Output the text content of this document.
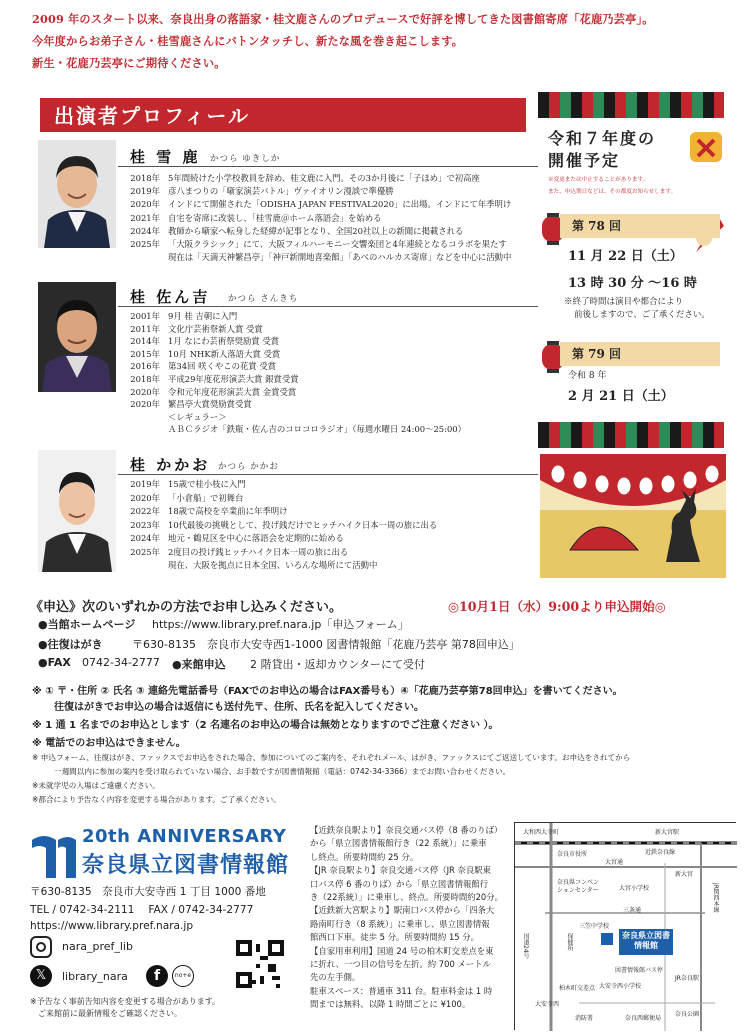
2009 年のスタート以来、奈良出身の落語家・桂文鹿さんのプロデュースで好評を博してきた図書館寄席「花鹿乃芸亭」。
今年度からお弟子さん・桂雪鹿さんにバトンタッチし、新たな風を巻き起こします。
新生・花鹿乃芸亭にご期待ください。
出演者プロフィール
桂 雪 鹿 かつら ゆきしか
2018年 5年間続けた小学校教員を辞め、桂文鹿に入門。その3か月後に「子ほめ」で初高座
2019年 彦八まつりの「噺家演芸バトル」ヴァイオリン漫談で準優勝
2020年 インドにて開催された「ODISHA JAPAN FESTIVAL2020」に出場。インドにて年季明け
2021年 自宅を寄席に改装し、「桂雪鹿＠ホーム落語会」を始める
2024年 教師から噺家へ転身した経緯が記事となり、全国20社以上の新聞に掲載される
2025年 「大阪クラシック」にて、大阪フィルハーモニー交響楽団と4年連続となるコラボを果たす
現在は「天満天神繁昌亭」「神戸新開地喜楽館」「あべのハルカス寄席」などを中心に活動中
桂 佐ん吉 かつら さんきち
2001年 9月 桂 吉朝に入門
2011年 文化庁芸術祭新人賞 受賞
2014年 1月 なにわ芸術祭奨励賞 受賞
2015年 10月 NHK新人落語大賞 受賞
2016年 第34回 咲くやこの花賞 受賞
2018年 平成29年度花形演芸大賞 銀賞受賞
2020年 令和元年度花形演芸大賞 金賞受賞
2020年 繁昌亭大賞奨励賞受賞
＜レギュラー＞
ＡＢＣラジオ「鉄瓶・佐ん吉のコロコロラジオ」（毎週水曜日 24:00～25:00）
桂 かかお かつら かかお
2019年 15歳で桂小枝に入門
2020年 「小倉船」で初舞台
2022年 18歳で高校を卒業前に年季明け
2023年 10代最後の挑戦として、投げ銭だけでヒッチハイク日本一周の旅に出る
2024年 地元・鶴見区を中心に落語会を定期的に始める
2025年 2度目の投げ銭ヒッチハイク日本一周の旅に出る
現在、大阪を拠点に日本全国、いろんな場所にて活動中
令和７年度の
開催予定
※変更または中止することがあります。
また、申込期日などは、その都度お知らせします。
第 78 回
11 月 22 日（土）
13 時 30 分 ～16 時
※終了時間は演目や都合により
前後しますので、ご了承ください。
第 79 回
令和 8 年
2 月 21 日（土）
《申込》次のいずれかの方法でお申し込みください。	◎10月1日（水）9:00より申込開始◎
●当館ホームページ https://www.library.pref.nara.jp「申込フォーム」
●往復はがき	〒630-8135　奈良市大安寺西1-1000 図書情報館「花鹿乃芸亭 第78回申込」
●FAX 0742-34-2777 ●来館申込 2 階貸出・返却カウンターにて受付
※ ① 〒・住所 ② 氏名 ③ 連絡先電話番号（FAXでのお申込の場合はFAX番号も）④「花鹿乃芸亭第78回申込」を書いてください。
往復はがきでお申込の場合は返信にも送付先〒、住所、氏名を記入してください。
※ 1 通 1 名までのお申込とします（2 名連名のお申込の場合は無効となりますのでご注意ください ）。
※ 電話でのお申込はできません。
※ 申込フォーム、往復はがき、ファックスでお申込をされた場合、参加についてのご案内を、それぞれメール、はがき、ファックスにてご返送しています。お申込をされてから
一週間以内に参加の案内を受け取られていない場合、お手数ですが図書情報館（電話：0742-34-3366）までお問い合わせください。
※未就学児の入場はご遠慮ください。
※都合により予告なく内容を変更する場合があります。ご了承ください。
20th ANNIVERSARY
奈良県立図書情報館
〒630-8135　奈良市大安寺西 1 丁目 1000 番地
TEL / 0742-34-2111　 FAX / 0742-34-2777
https://www.library.pref.nara.jp
nara_pref_lib
𝕏	library_nara	f	no+e
※予告なく事前告知内容を変更する場合があります。
ご来館前に最新情報をご確認ください。
【近鉄奈良駅より】奈良交通バス停（8 番のりば）
から「県立図書情報館行き（22 系統）」に乗車
し終点。所要時間約 25 分。
【JR 奈良駅より】奈良交通バス停（JR 奈良駅東
口バス停 6 番のりば）から「県立図書情報館行
き（22系統）」に乗車し、終点。所要時間約20分。
【近鉄新大宮駅より】駅南口バス停から「四条大
路南町行き（8 系統）」に乗車し、県立図書情報
館西口下車。徒歩 5 分。所要時間約 15 分。
【自家用車利用】国道 24 号の柏木町交差点を東
に折れ、一つ目の信号を左折。約 700 メートル
先の左手側。
駐車スペース：普通車 311 台。駐車料金は 1 時
間までは無料、以降 1 時間ごとに ¥100。
大和西大寺町	新大宮駅
近鉄奈良線
奈良市役所
大宮通
新大宮
奈良県コンベンションセンター	大宮小学校
三条通
三笠中学校
国道24号
JR関西本線
奈良県立図書情報館
保健所
図書情報館バス停
柏木町交差点 大安寺西小学校
JR奈良駅
奈良公園
消防署	奈良西郵便局
大安寺西
